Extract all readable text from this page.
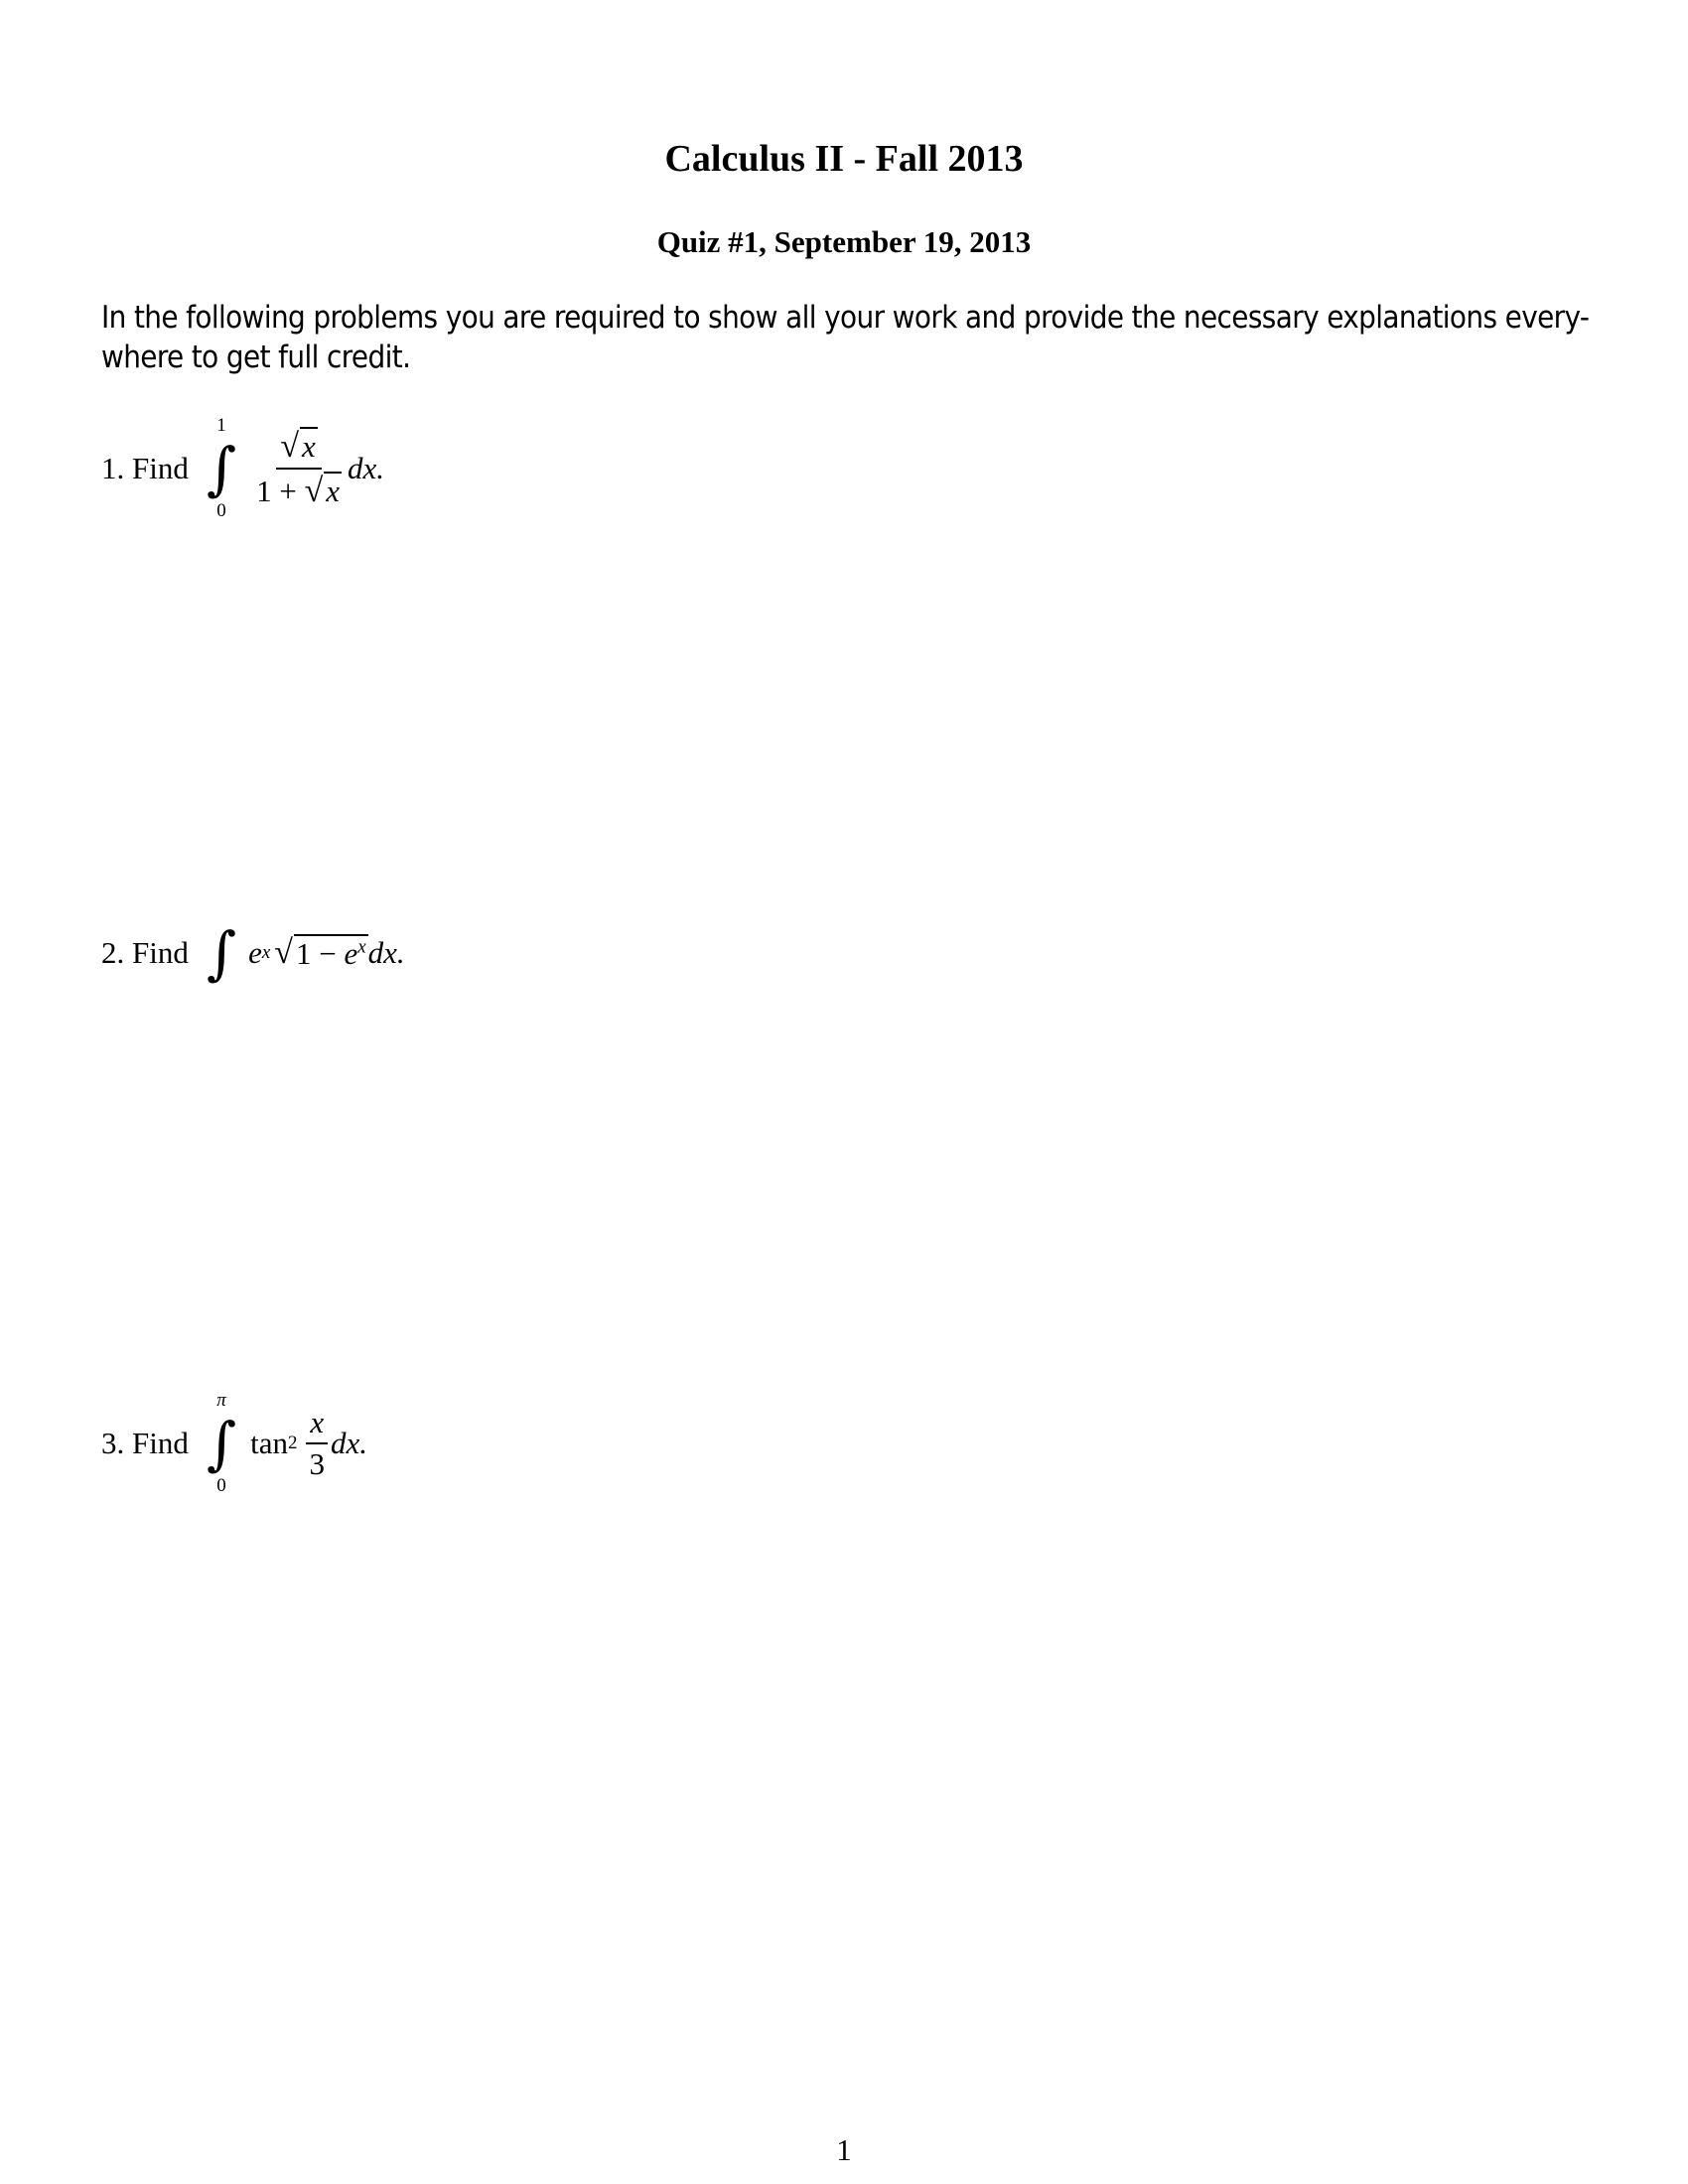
Calculus II - Fall 2013
Quiz #1, September 19, 2013
In the following problems you are required to show all your work and provide the necessary explanations every-
where to get full credit.
1. Find
1
∫
0
$\frac{√x}{1 + √x}$ dx.
2. Find ∫ e x √ $1 - e^x$ dx.
3. Find
π
∫
0
$\tan 2 \frac{x}{3}$ dx.
1
